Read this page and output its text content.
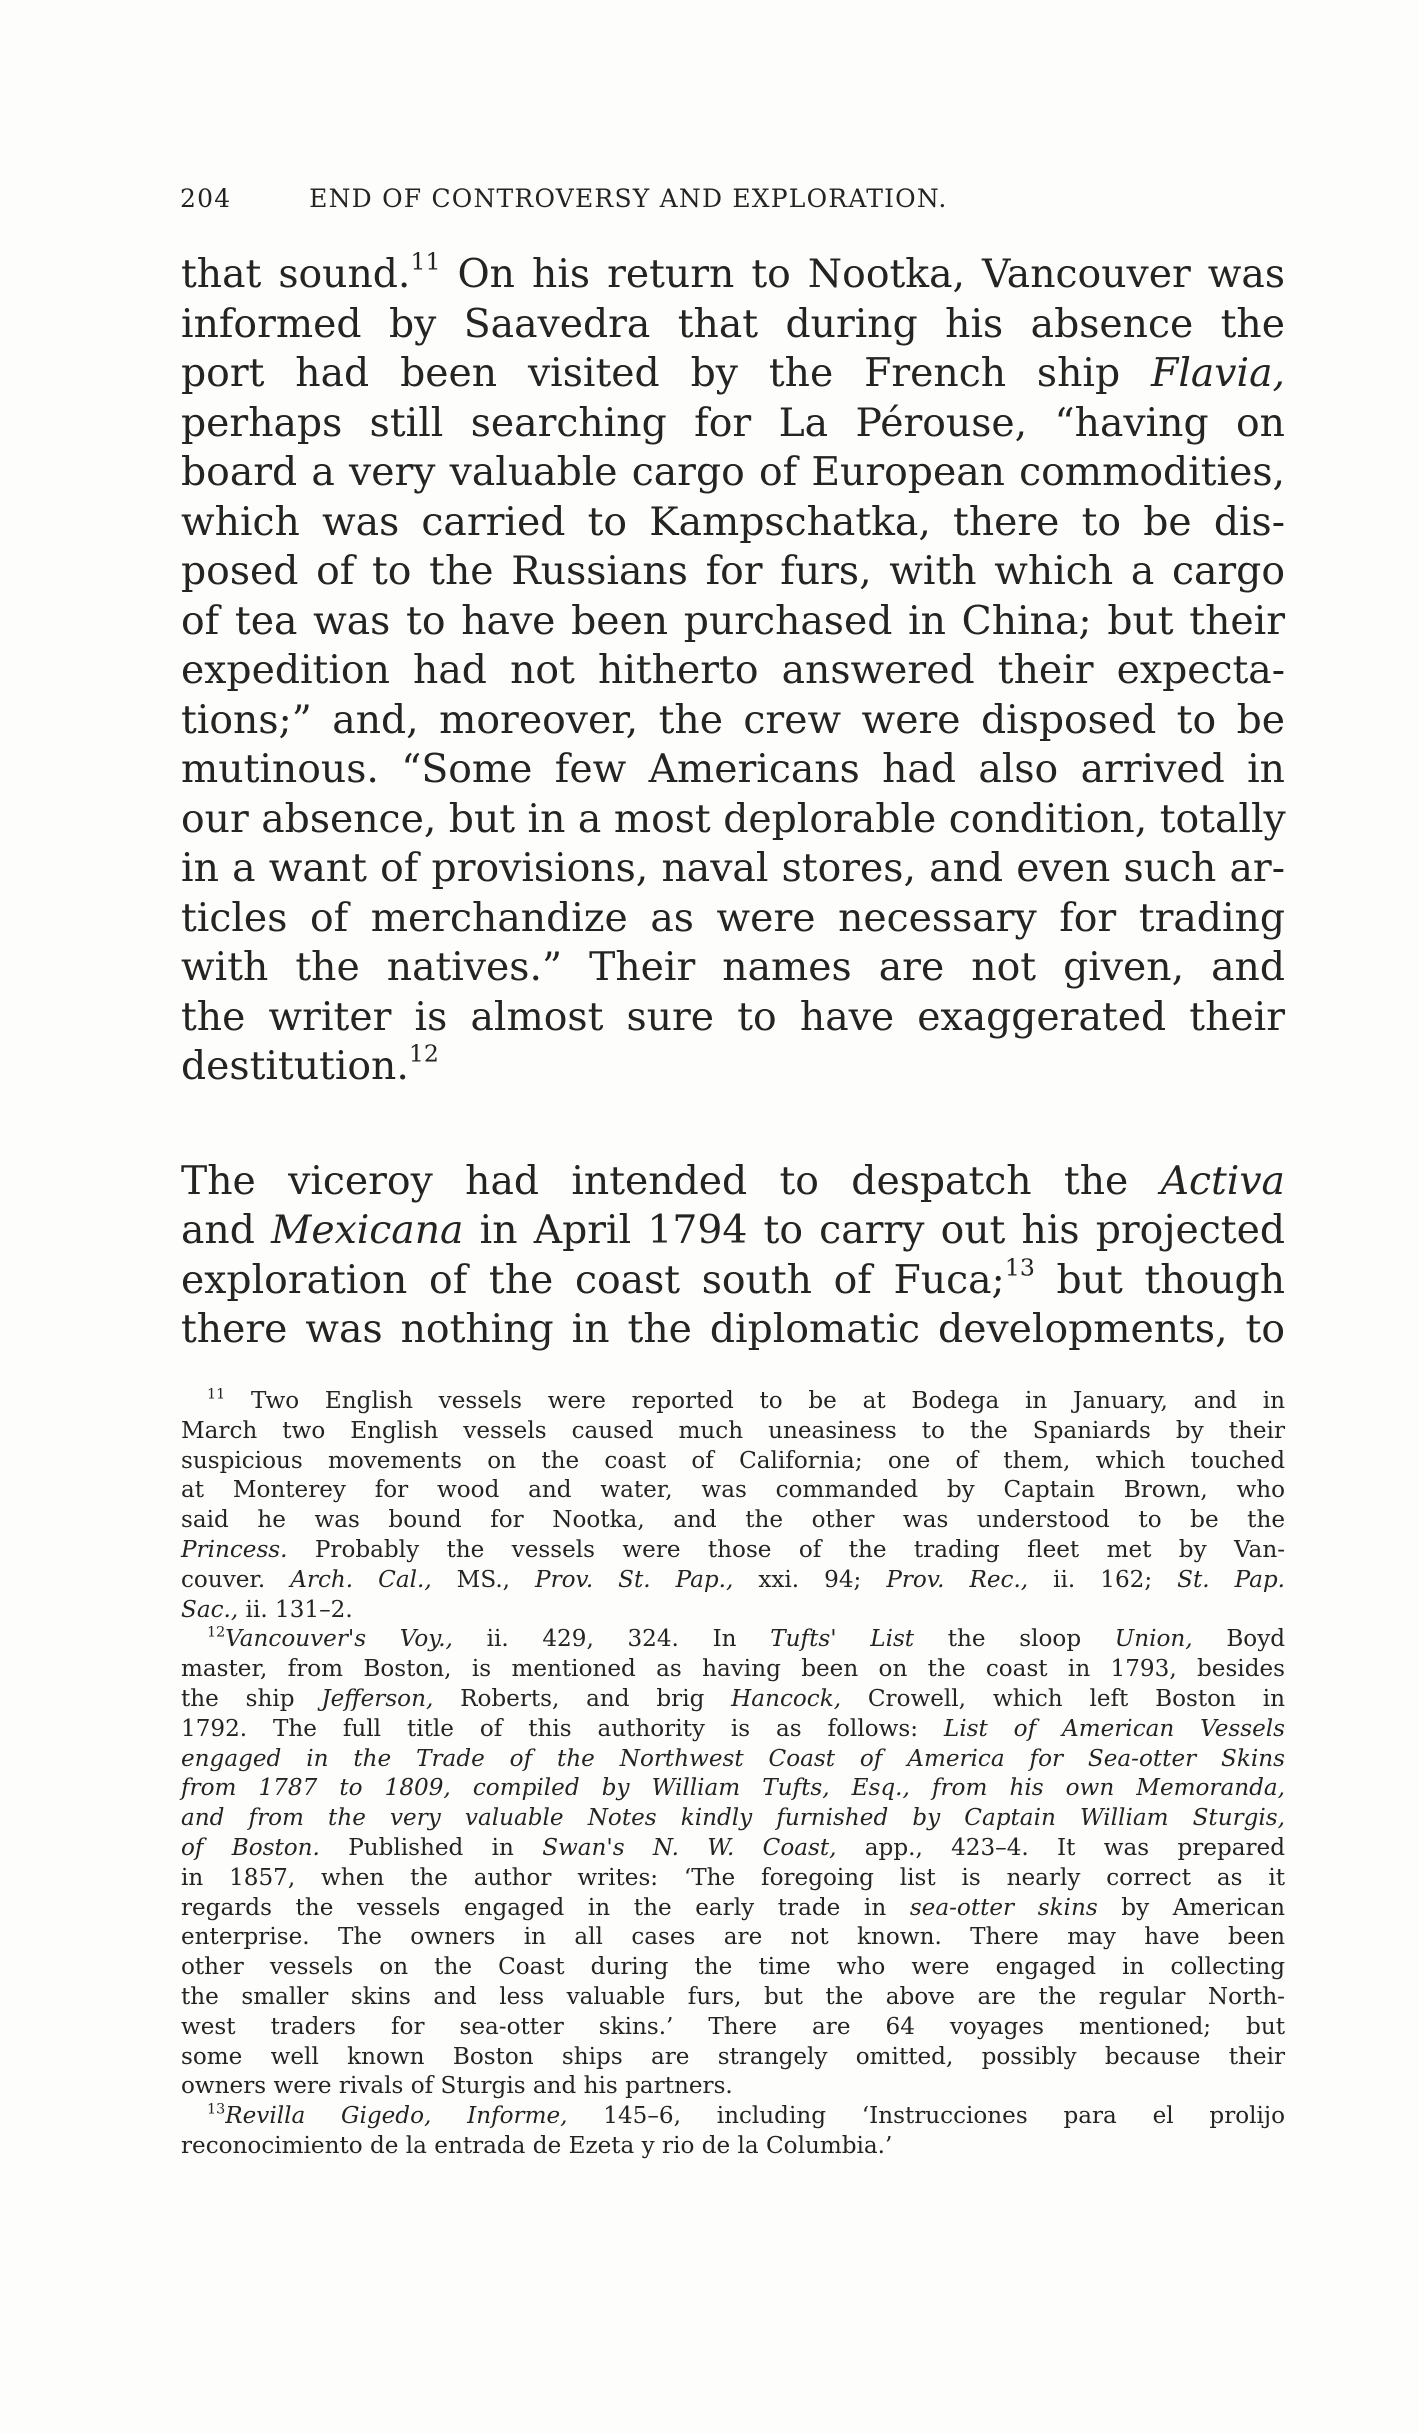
204	END OF CONTROVERSY AND EXPLORATION.
that sound.$^{11}$ On his return to Nootka, Vancouver was
informed by Saavedra that during his absence the
port had been visited by the French ship Flavia,
perhaps still searching for La Pérouse, “having on
board a very valuable cargo of European commodities,
which was carried to Kampschatka, there to be dis-
posed of to the Russians for furs, with which a cargo
of tea was to have been purchased in China; but their
expedition had not hitherto answered their expecta-
tions;” and, moreover, the crew were disposed to be
mutinous. “Some few Americans had also arrived in
our absence, but in a most deplorable condition, totally
in a want of provisions, naval stores, and even such ar-
ticles of merchandize as were necessary for trading
with the natives.” Their names are not given, and
the writer is almost sure to have exaggerated their
destitution.$^{12}$
The viceroy had intended to despatch the Activa
and Mexicana in April 1794 to carry out his projected
exploration of the coast south of Fuca;$^{13}$ but though
there was nothing in the diplomatic developments, to
$^{11}$ Two English vessels were reported to be at Bodega in January, and in
March two English vessels caused much uneasiness to the Spaniards by their
suspicious movements on the coast of California; one of them, which touched
at Monterey for wood and water, was commanded by Captain Brown, who
said he was bound for Nootka, and the other was understood to be the
Princess. Probably the vessels were those of the trading fleet met by Van-
couver. Arch. Cal., MS., Prov. St. Pap., xxi. 94; Prov. Rec., ii. 162; St. Pap.
Sac., ii. 131–2.
$^{12}$Vancouver's Voy., ii. 429, 324. In Tufts' List the sloop Union, Boyd
master, from Boston, is mentioned as having been on the coast in 1793, besides
the ship Jefferson, Roberts, and brig Hancock, Crowell, which left Boston in
1792. The full title of this authority is as follows: List of American Vessels
engaged in the Trade of the Northwest Coast of America for Sea-otter Skins
from 1787 to 1809, compiled by William Tufts, Esq., from his own Memoranda,
and from the very valuable Notes kindly furnished by Captain William Sturgis,
of Boston. Published in Swan's N. W. Coast, app., 423–4. It was prepared
in 1857, when the author writes: ‘The foregoing list is nearly correct as it
regards the vessels engaged in the early trade in sea-otter skins by American
enterprise. The owners in all cases are not known. There may have been
other vessels on the Coast during the time who were engaged in collecting
the smaller skins and less valuable furs, but the above are the regular North-
west traders for sea-otter skins.’ There are 64 voyages mentioned; but
some well known Boston ships are strangely omitted, possibly because their
owners were rivals of Sturgis and his partners.
$^{13}$Revilla Gigedo, Informe, 145–6, including ‘Instrucciones para el prolijo
reconocimiento de la entrada de Ezeta y rio de la Columbia.’
